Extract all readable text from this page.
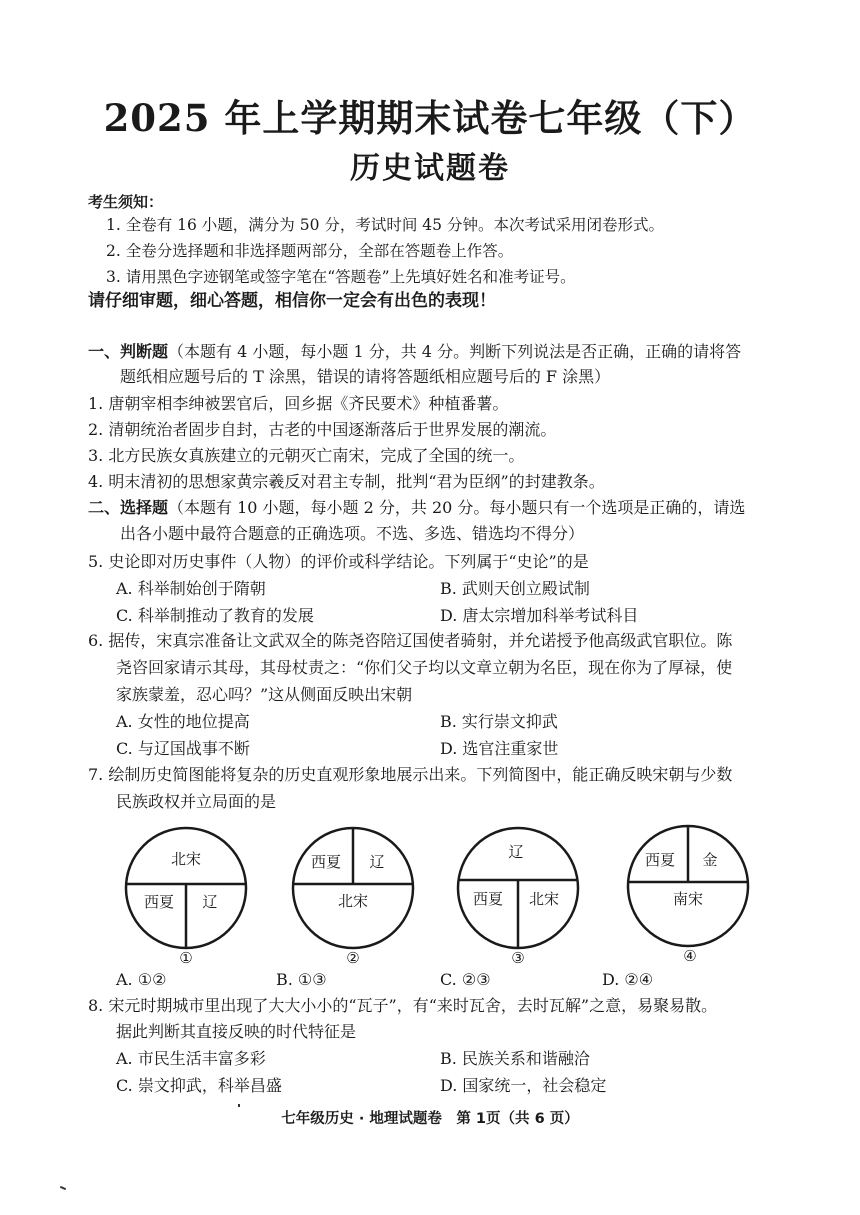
2025 年上学期期末试卷七年级（下）
历史试题卷
考生须知：
1. 全卷有 16 小题，满分为 50 分，考试时间 45 分钟。本次考试采用闭卷形式。
2. 全卷分选择题和非选择题两部分，全部在答题卷上作答。
3. 请用黑色字迹钢笔或签字笔在“答题卷”上先填好姓名和准考证号。
请仔细审题，细心答题，相信你一定会有出色的表现！
一、判断题（本题有 4 小题，每小题 1 分，共 4 分。判断下列说法是否正确，正确的请将答
题纸相应题号后的 T 涂黑，错误的请将答题纸相应题号后的 F 涂黑）
1. 唐朝宰相李绅被罢官后，回乡据《齐民要术》种植番薯。
2. 清朝统治者固步自封，古老的中国逐渐落后于世界发展的潮流。
3. 北方民族女真族建立的元朝灭亡南宋，完成了全国的统一。
4. 明末清初的思想家黄宗羲反对君主专制，批判“君为臣纲”的封建教条。
二、选择题（本题有 10 小题，每小题 2 分，共 20 分。每小题只有一个选项是正确的，请选
出各小题中最符合题意的正确选项。不选、多选、错选均不得分）
5. 史论即对历史事件（人物）的评价或科学结论。下列属于“史论”的是
A. 科举制始创于隋朝	B. 武则天创立殿试制
C. 科举制推动了教育的发展	D. 唐太宗增加科举考试科目
6. 据传，宋真宗准备让文武双全的陈尧咨陪辽国使者骑射，并允诺授予他高级武官职位。陈
尧咨回家请示其母，其母杖责之：“你们父子均以文章立朝为名臣，现在你为了厚禄，使
家族蒙羞，忍心吗？”这从侧面反映出宋朝
A. 女性的地位提高	B. 实行崇文抑武
C. 与辽国战事不断	D. 选官注重家世
7. 绘制历史简图能将复杂的历史直观形象地展示出来。下列简图中，能正确反映宋朝与少数
民族政权并立局面的是
北宋
西夏 辽
①
西夏 辽
北宋
②
辽
西夏 北宋
③
西夏 金
南宋
④
A. ①②	B. ①③	C. ②③	D. ②④
8. 宋元时期城市里出现了大大小小的“瓦子”，有“来时瓦舍，去时瓦解”之意，易聚易散。
据此判断其直接反映的时代特征是
A. 市民生活丰富多彩	B. 民族关系和谐融洽
C. 崇文抑武，科举昌盛	D. 国家统一，社会稳定
七年级历史 · 地理试题卷　第 1页（共 6 页）
